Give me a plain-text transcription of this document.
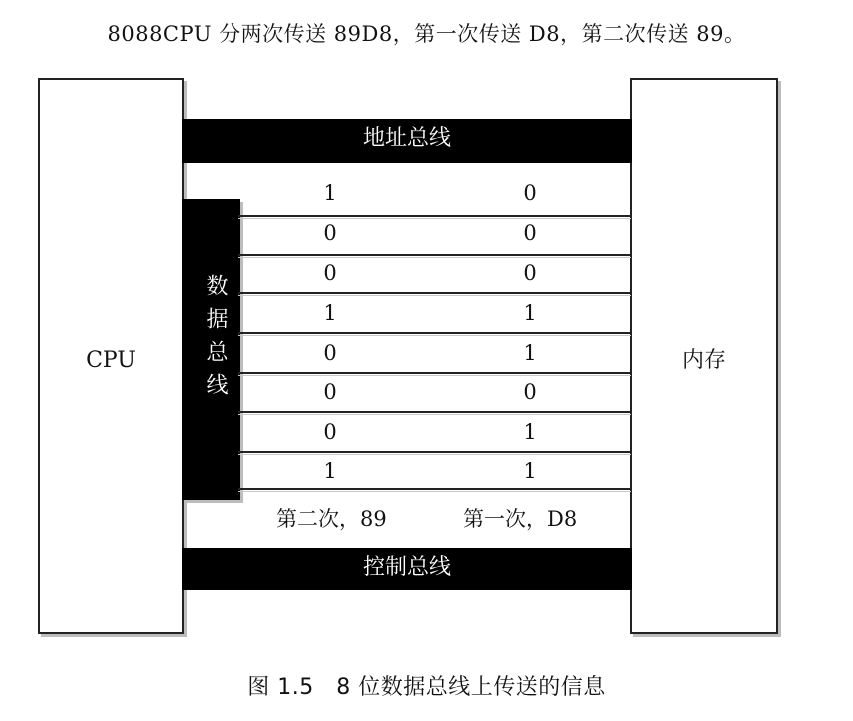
8088CPU 分两次传送 89D8，第一次传送 D8，第二次传送 89。
CPU	内存
地址总线
数据总线
1
0
0
1
0
0
0
1
0
0
0
1
1
0
1
1
第二次，89	第一次，D8
控制总线
图 1.5　8 位数据总线上传送的信息
